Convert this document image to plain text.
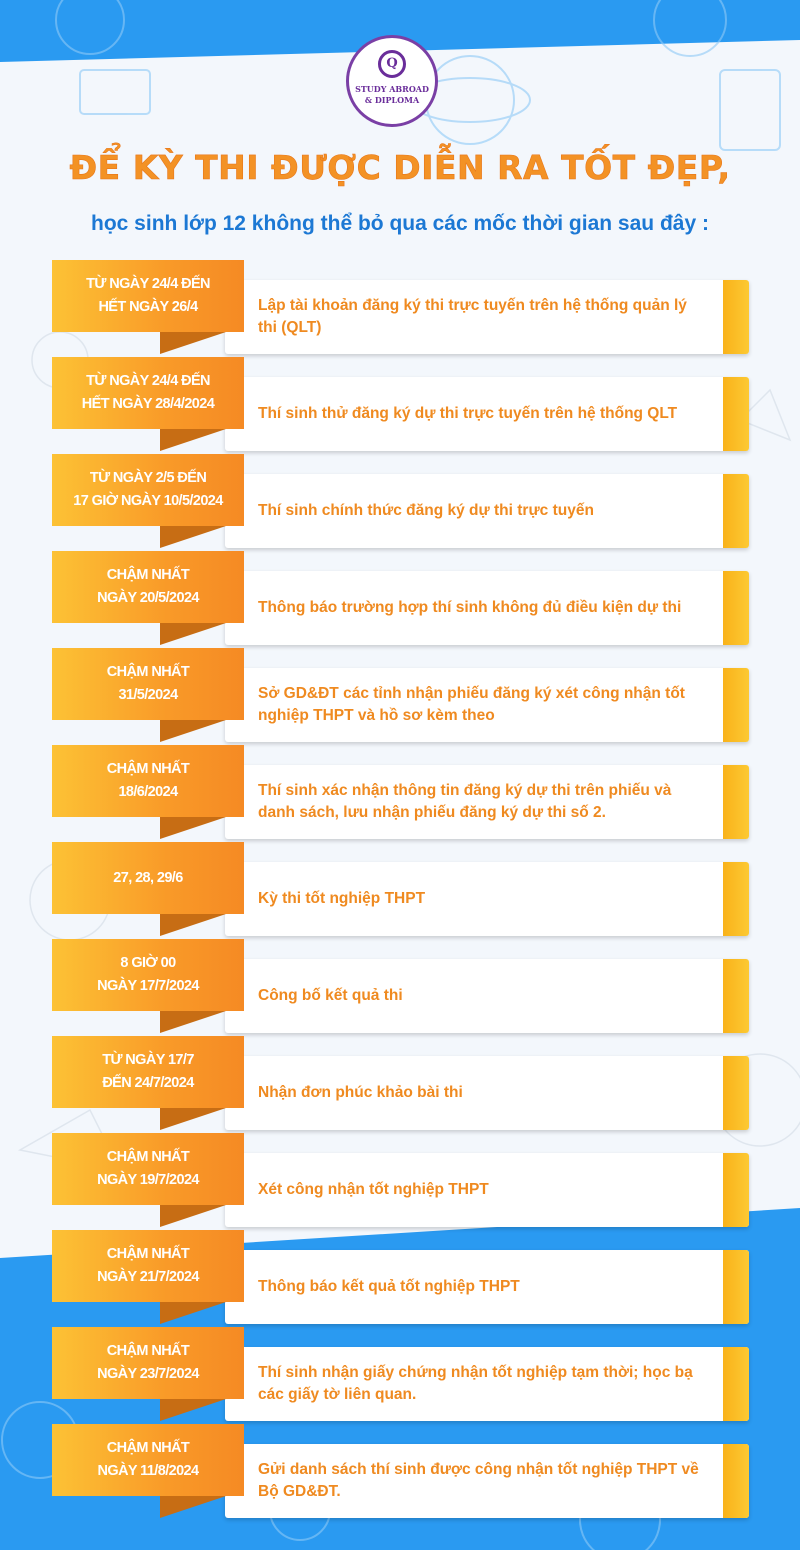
Q
STUDY ABROAD
& DIPLOMA
ĐỂ KỲ THI ĐƯỢC DIỄN RA TỐT ĐẸP,
học sinh lớp 12 không thể bỏ qua các mốc thời gian sau đây :
Lập tài khoản đăng ký thi trực tuyến trên hệ thống quản lý thi (QLT)
TỪ NGÀY 24/4 ĐẾN
HẾT NGÀY 26/4
Thí sinh thử đăng ký dự thi trực tuyến trên hệ thống QLT
TỪ NGÀY 24/4 ĐẾN
HẾT NGÀY 28/4/2024
Thí sinh chính thức đăng ký dự thi trực tuyến
TỪ NGÀY 2/5 ĐẾN
17 GIỜ NGÀY 10/5/2024
Thông báo trường hợp thí sinh không đủ điều kiện dự thi
CHẬM NHẤT
NGÀY 20/5/2024
Sở GD&ĐT các tỉnh nhận phiếu đăng ký xét công nhận tốt nghiệp THPT và hồ sơ kèm theo
CHẬM NHẤT
31/5/2024
Thí sinh xác nhận thông tin đăng ký dự thi trên phiếu và danh sách, lưu nhận phiếu đăng ký dự thi số 2.
CHẬM NHẤT
18/6/2024
Kỳ thi tốt nghiệp THPT
27, 28, 29/6
Công bố kết quả thi
8 GIỜ 00
NGÀY 17/7/2024
Nhận đơn phúc khảo bài thi
TỪ NGÀY 17/7
ĐẾN 24/7/2024
Xét công nhận tốt nghiệp THPT
CHẬM NHẤT
NGÀY 19/7/2024
Thông báo kết quả tốt nghiệp THPT
CHẬM NHẤT
NGÀY 21/7/2024
Thí sinh nhận giấy chứng nhận tốt nghiệp tạm thời; học bạ các giấy tờ liên quan.
CHẬM NHẤT
NGÀY 23/7/2024
Gửi danh sách thí sinh được công nhận tốt nghiệp THPT về Bộ GD&ĐT.
CHẬM NHẤT
NGÀY 11/8/2024
